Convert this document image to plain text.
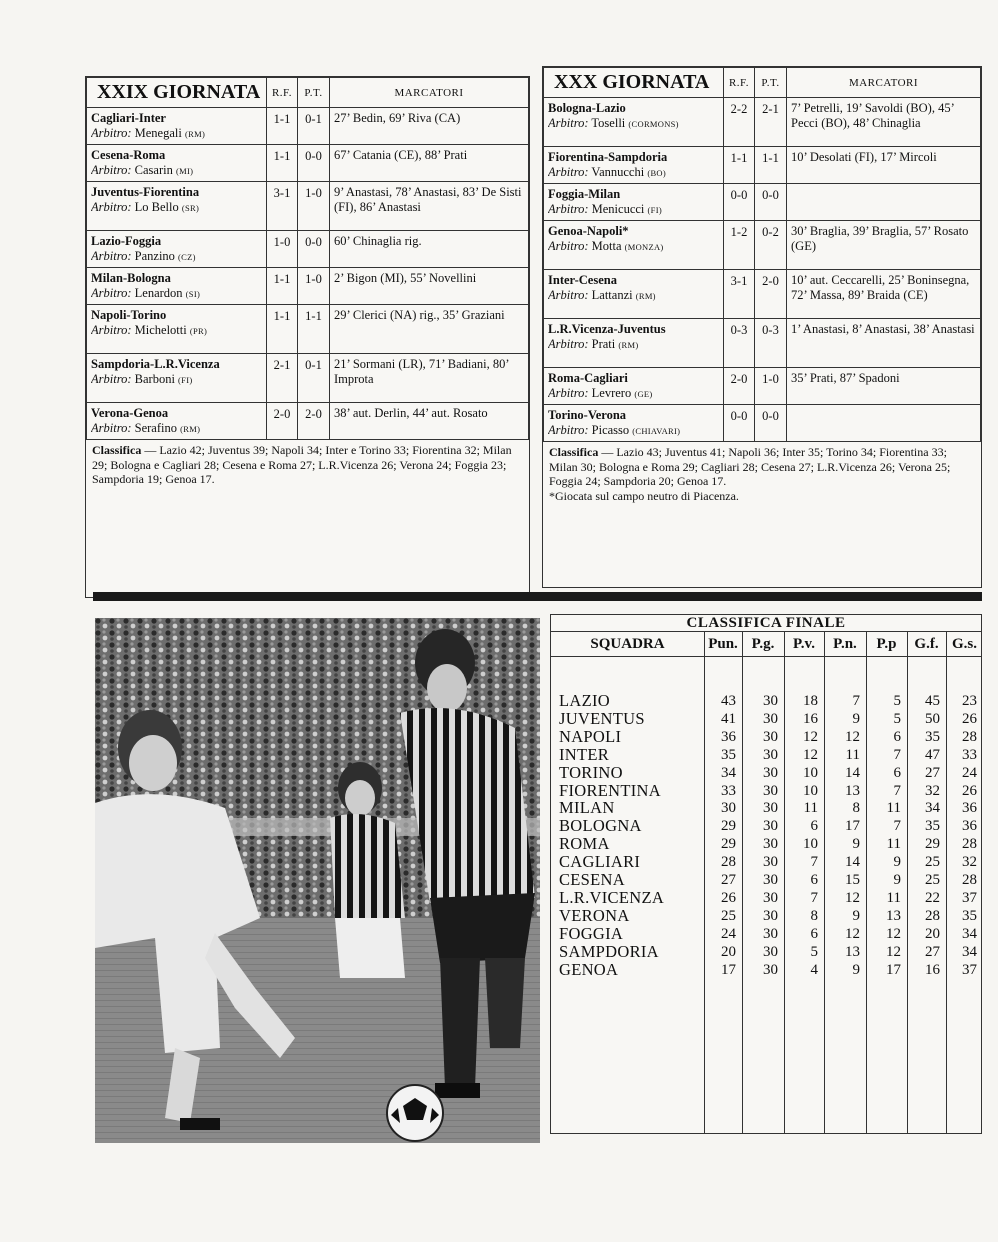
XXIX GIORNATA	R.F.	P.T.	MARCATORI

Cagliari-Inter
Arbitro: Menegali (RM)	1-1	0-1	27’ Bedin, 69’ Riva (CA)

Cesena-Roma
Arbitro: Casarin (MI)	1-1	0-0	67’ Catania (CE), 88’ Prati

Juventus-Fiorentina
Arbitro: Lo Bello (SR)	3-1	1-0	9’ Anastasi, 78’ Anastasi, 83’ De Sisti (FI), 86’ Anastasi

Lazio-Foggia
Arbitro: Panzino (CZ)	1-0	0-0	60’ Chinaglia rig.

Milan-Bologna
Arbitro: Lenardon (SI)	1-1	1-0	2’ Bigon (MI), 55’ Novellini

Napoli-Torino
Arbitro: Michelotti (PR)	1-1	1-1	29’ Clerici (NA) rig., 35’ Graziani

Sampdoria-L.R.Vicenza
Arbitro: Barboni (FI)	2-1	0-1	21’ Sormani (LR), 71’ Badiani, 80’ Improta

Verona-Genoa
Arbitro: Serafino (RM)	2-0	2-0	38’ aut. Derlin, 44’ aut. Rosato
Classifica — Lazio 42; Juventus 39; Napoli 34; Inter e Torino 33; Fiorentina 32; Milan 29; Bologna e Cagliari 28; Cesena e Roma 27; L.R.Vicenza 26; Verona 24; Foggia 23; Sampdoria 19; Genoa 17.
XXX GIORNATA	R.F.	P.T.	MARCATORI

Bologna-Lazio
Arbitro: Toselli (CORMONS)	2-2	2-1	7’ Petrelli, 19’ Savoldi (BO), 45’ Pecci (BO), 48’ Chinaglia

Fiorentina-Sampdoria
Arbitro: Vannucchi (BO)	1-1	1-1	10’ Desolati (FI), 17’ Mircoli

Foggia-Milan
Arbitro: Menicucci (FI)	0-0	0-0	

Genoa-Napoli*
Arbitro: Motta (MONZA)	1-2	0-2	30’ Braglia, 39’ Braglia, 57’ Rosato (GE)

Inter-Cesena
Arbitro: Lattanzi (RM)	3-1	2-0	10’ aut. Ceccarelli, 25’ Boninsegna, 72’ Massa, 89’ Braida (CE)

L.R.Vicenza-Juventus
Arbitro: Prati (RM)	0-3	0-3	1’ Anastasi, 8’ Anastasi, 38’ Anastasi

Roma-Cagliari
Arbitro: Levrero (GE)	2-0	1-0	35’ Prati, 87’ Spadoni

Torino-Verona
Arbitro: Picasso (CHIAVARI)	0-0	0-0	
Classifica — Lazio 43; Juventus 41; Napoli 36; Inter 35; Torino 34; Fiorentina 33; Milan 30; Bologna e Roma 29; Cagliari 28; Cesena 27; L.R.Vicenza 26; Verona 25; Foggia 24; Sampdoria 20; Genoa 17.
*Giocata sul campo neutro di Piacenza.
CLASSIFICA FINALE
SQUADRA	Pun. P.g.	P.v.	P.n.	P.p	G.f. G.s.
LAZIO	43	30	18	7	5	45	23
JUVENTUS	41	30	16	9	5	50	26
NAPOLI	36	30	12	12	6	35	28
INTER	35	30	12	11	7	47	33
TORINO	34	30	10	14	6	27	24
FIORENTINA	33	30	10	13	7	32	26
MILAN	30	30	11	8	11	34	36
BOLOGNA	29	30	6	17	7	35	36
ROMA	29	30	10	9	11	29	28
CAGLIARI	28	30	7	14	9	25	32
CESENA	27	30	6	15	9	25	28
L.R.VICENZA	26	30	7	12	11	22	37
VERONA	25	30	8	9	13	28	35
FOGGIA	24	30	6	12	12	20	34
SAMPDORIA	20	30	5	13	12	27	34
GENOA	17	30	4	9	17	16	37
